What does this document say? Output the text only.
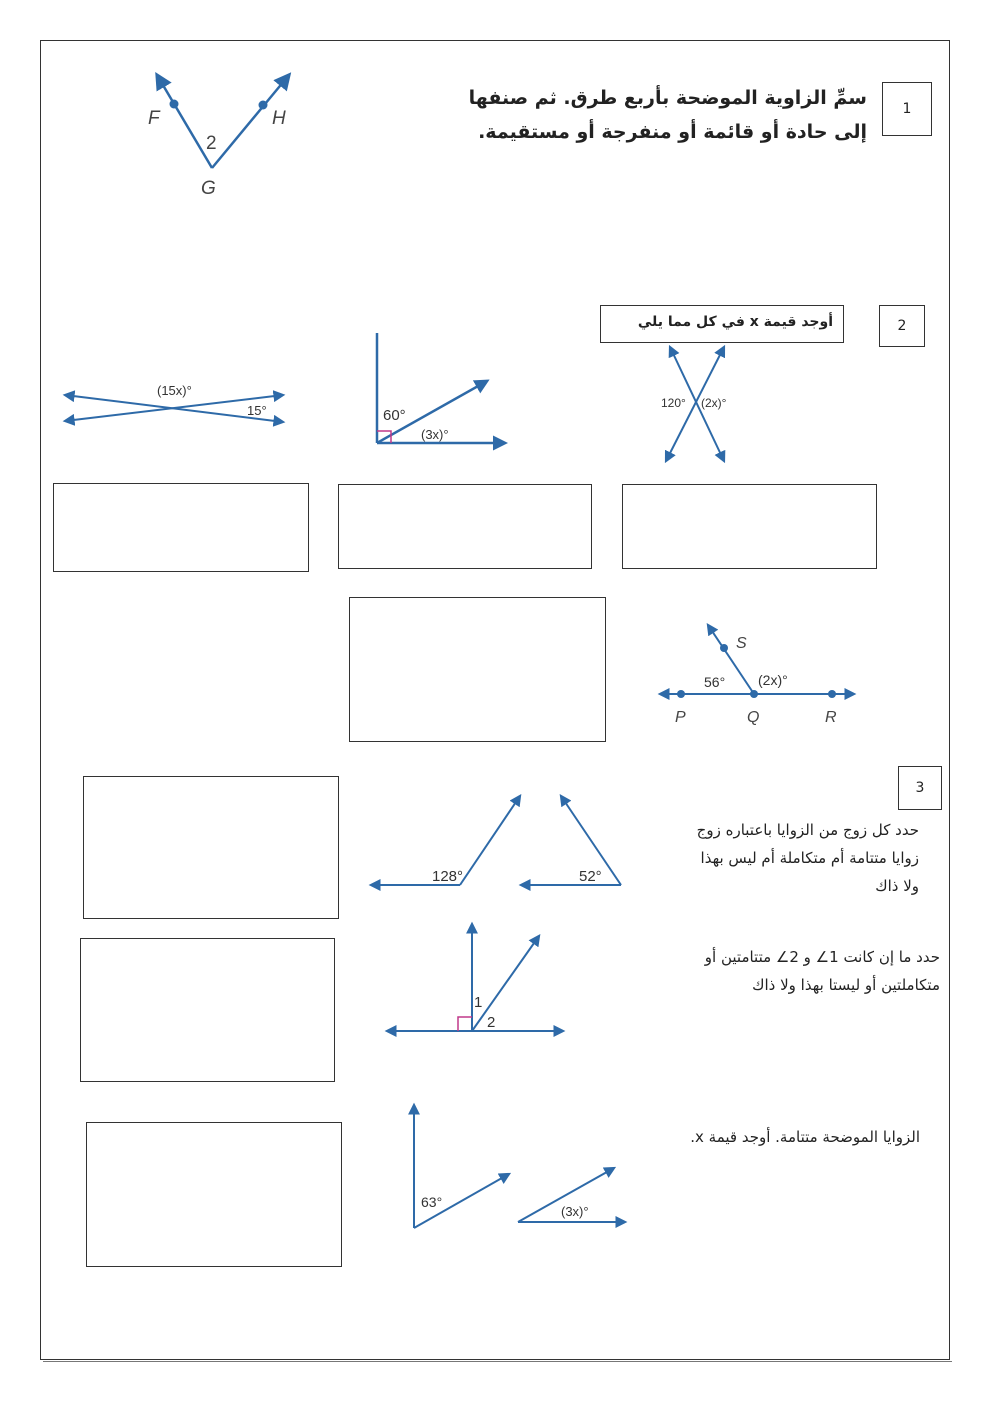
1
سمِّ الزاوية الموضحة بأربع طرق. ثم صنفها
إلى حادة أو قائمة أو منفرجة أو مستقيمة.
F	H
G
2
أوجد قيمة x في كل مما يلي	2
(15x)°
15°	60°
(3x)°
120° (2x)°
S
P	Q	R
56° (2x)°
3
حدد كل زوج من الزوايا باعتباره زوج
زوايا متتامة أم متكاملة أم ليس بهذا
ولا ذاك
128°	52°
حدد ما إن كانت 1∠ و 2∠ متتامتين أو
متكاملتين أو ليستا بهذا ولا ذاك
1
2
الزوايا الموضحة متتامة. أوجد قيمة x.
63°
(3x)°
